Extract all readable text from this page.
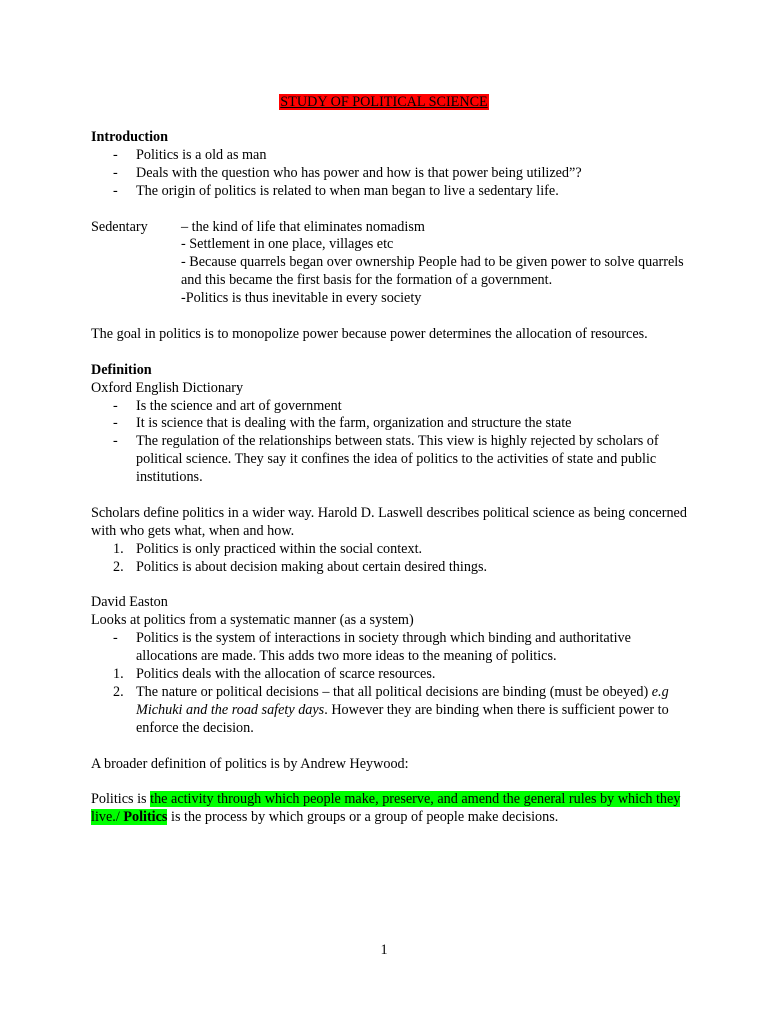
STUDY OF POLITICAL SCIENCE

Introduction

- Politics is a old as man
- Deals with the question who has power and how is that power being utilized”?
- The origin of politics is related to when man began to live a sedentary life.
Sedentary	– the kind of life that eliminates nomadism

- Settlement in one place, villages etc

- Because quarrels began over ownership People had to be given power to solve quarrels and this became the first basis for the formation of a government.

-Politics is thus inevitable in every society

The goal in politics is to monopolize power because power determines the allocation of resources.

Definition

Oxford English Dictionary

- Is the science and art of government
- It is science that is dealing with the farm, organization and structure the state
- The regulation of the relationships between stats. This view is highly rejected by scholars of political science. They say it confines the idea of politics to the activities of state and public institutions.

Scholars define politics in a wider way. Harold D. Laswell describes political science as being concerned with who gets what, when and how.

1. Politics is only practiced within the social context.
2. Politics is about decision making about certain desired things.

David Easton

Looks at politics from a systematic manner (as a system)

- Politics is the system of interactions in society through which binding and authoritative allocations are made. This adds two more ideas to the meaning of politics.
1. Politics deals with the allocation of scarce resources.
2. The nature or political decisions – that all political decisions are binding (must be obeyed) e.g Michuki and the road safety days. However they are binding when there is sufficient power to enforce the decision.

A broader definition of politics is by Andrew Heywood:

Politics is the activity through which people make, preserve, and amend the general rules by which they live./ Politics is the process by which groups or a group of people make decisions.

1
